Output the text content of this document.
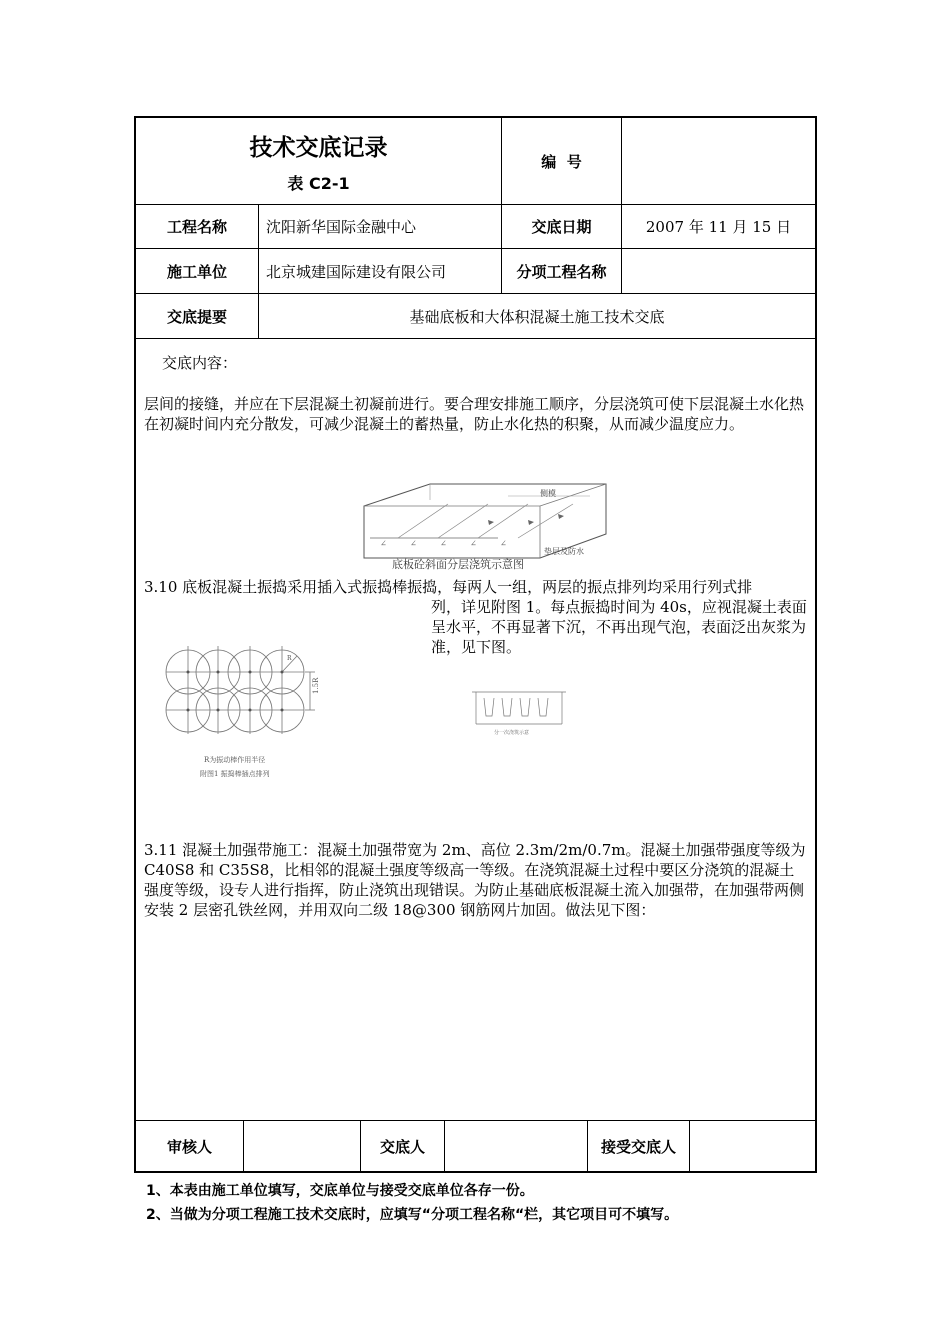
技术交底记录
表 C2-1
编  号
工程名称	沈阳新华国际金融中心	交底日期	2007 年 11 月 15 日
施工单位	北京城建国际建设有限公司	分项工程名称
交底提要	基础底板和大体积混凝土施工技术交底
交底内容：
层间的接缝，并应在下层混凝土初凝前进行。要合理安排施工顺序，分层浇筑可使下层混凝土水化热在初凝时间内充分散发，可减少混凝土的蓄热量，防止水化热的积聚，从而减少温度应力。
∠	∠	∠	∠	∠
侧模
垫层及防水
底板砼斜面分层浇筑示意图
3.10 底板混凝土振捣采用插入式振捣棒振捣，每两人一组，两层的振点排列均采用行列式排
列，详见附图 1。每点振捣时间为 40s，应视混凝土表面呈水平，不再显著下沉，不再出现气泡，表面泛出灰浆为准，见下图。
R
1.5R
R为振动棒作用半径
附图1 振捣棒插点排列
分一次浇筑示意
3.11 混凝土加强带施工：混凝土加强带宽为 2m、高位 2.3m/2m/0.7m。混凝土加强带强度等级为 C40S8 和 C35S8，比相邻的混凝土强度等级高一等级。在浇筑混凝土过程中要区分浇筑的混凝土强度等级，设专人进行指挥，防止浇筑出现错误。为防止基础底板混凝土流入加强带，在加强带两侧安装 2 层密孔铁丝网，并用双向二级 18@300 钢筋网片加固。做法见下图：
审核人	交底人	接受交底人
1、本表由施工单位填写，交底单位与接受交底单位各存一份。
2、当做为分项工程施工技术交底时，应填写“分项工程名称“栏，其它项目可不填写。
